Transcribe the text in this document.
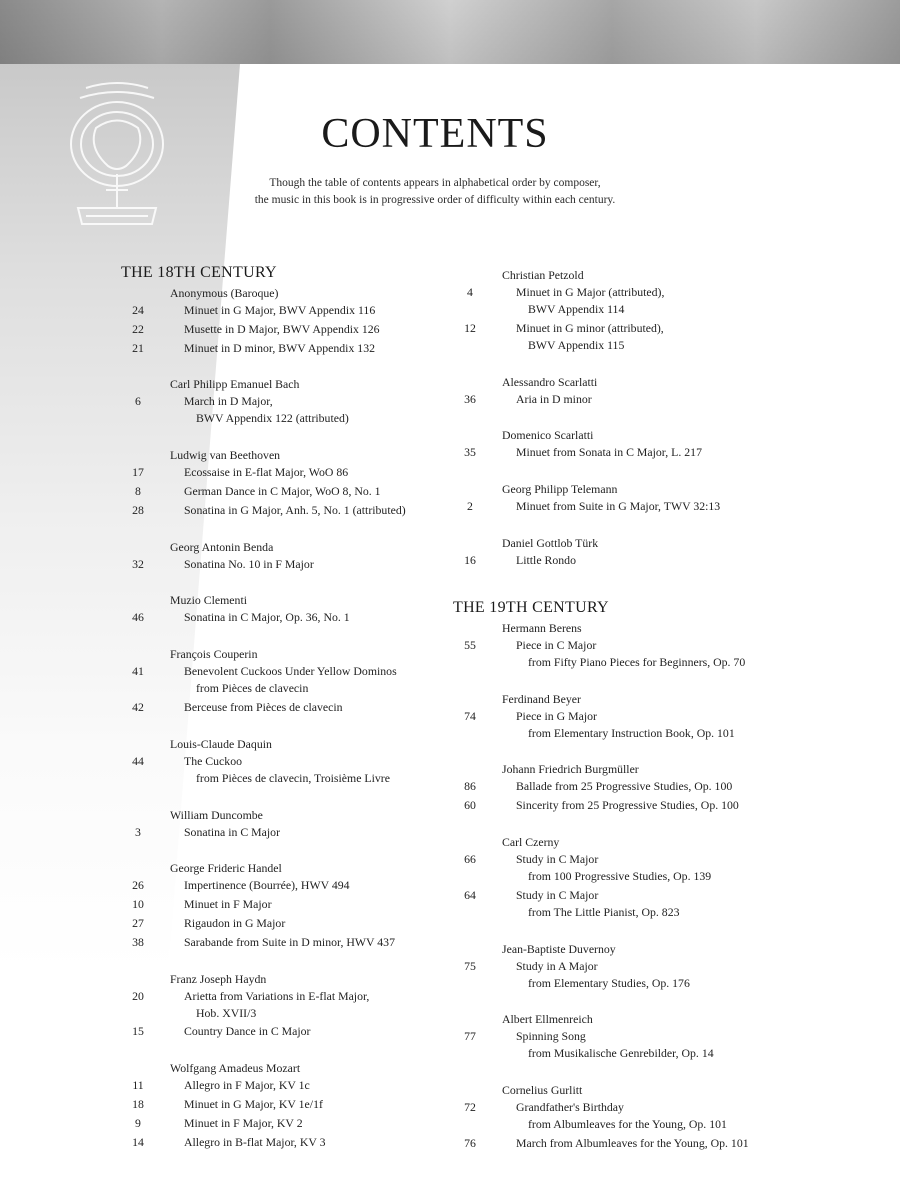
CONTENTS
Though the table of contents appears in alphabetical order by composer,
the music in this book is in progressive order of difficulty within each century.
THE 18TH CENTURY
Anonymous (Baroque)
24	Minuet in G Major, BWV Appendix 116
22	Musette in D Major, BWV Appendix 126
21	Minuet in D minor, BWV Appendix 132
Carl Philipp Emanuel Bach
6	March in D Major,
BWV Appendix 122 (attributed)
Ludwig van Beethoven
17	Ecossaise in E-flat Major, WoO 86
8	German Dance in C Major, WoO 8, No. 1
28	Sonatina in G Major, Anh. 5, No. 1 (attributed)
Georg Antonin Benda
32	Sonatina No. 10 in F Major
Muzio Clementi
46	Sonatina in C Major, Op. 36, No. 1
François Couperin
41	Benevolent Cuckoos Under Yellow Dominos
from Pièces de clavecin
42	Berceuse from Pièces de clavecin
Louis-Claude Daquin
44	The Cuckoo
from Pièces de clavecin, Troisième Livre
William Duncombe
3	Sonatina in C Major
George Frideric Handel
26	Impertinence (Bourrée), HWV 494
10	Minuet in F Major
27	Rigaudon in G Major
38	Sarabande from Suite in D minor, HWV 437
Franz Joseph Haydn
20	Arietta from Variations in E-flat Major,
Hob. XVII/3
15	Country Dance in C Major
Wolfgang Amadeus Mozart
11	Allegro in F Major, KV 1c
18	Minuet in G Major, KV 1e/1f
9	Minuet in F Major, KV 2
14	Allegro in B-flat Major, KV 3
Christian Petzold
4	Minuet in G Major (attributed),
BWV Appendix 114
12	Minuet in G minor (attributed),
BWV Appendix 115
Alessandro Scarlatti
36	Aria in D minor
Domenico Scarlatti
35	Minuet from Sonata in C Major, L. 217
Georg Philipp Telemann
2	Minuet from Suite in G Major, TWV 32:13
Daniel Gottlob Türk
16	Little Rondo
THE 19TH CENTURY
Hermann Berens
55	Piece in C Major
from Fifty Piano Pieces for Beginners, Op. 70
Ferdinand Beyer
74	Piece in G Major
from Elementary Instruction Book, Op. 101
Johann Friedrich Burgmüller
86	Ballade from 25 Progressive Studies, Op. 100
60	Sincerity from 25 Progressive Studies, Op. 100
Carl Czerny
66	Study in C Major
from 100 Progressive Studies, Op. 139
64	Study in C Major
from The Little Pianist, Op. 823
Jean-Baptiste Duvernoy
75	Study in A Major
from Elementary Studies, Op. 176
Albert Ellmenreich
77	Spinning Song
from Musikalische Genrebilder, Op. 14
Cornelius Gurlitt
72	Grandfather's Birthday
from Albumleaves for the Young, Op. 101
76	March from Albumleaves for the Young, Op. 101
